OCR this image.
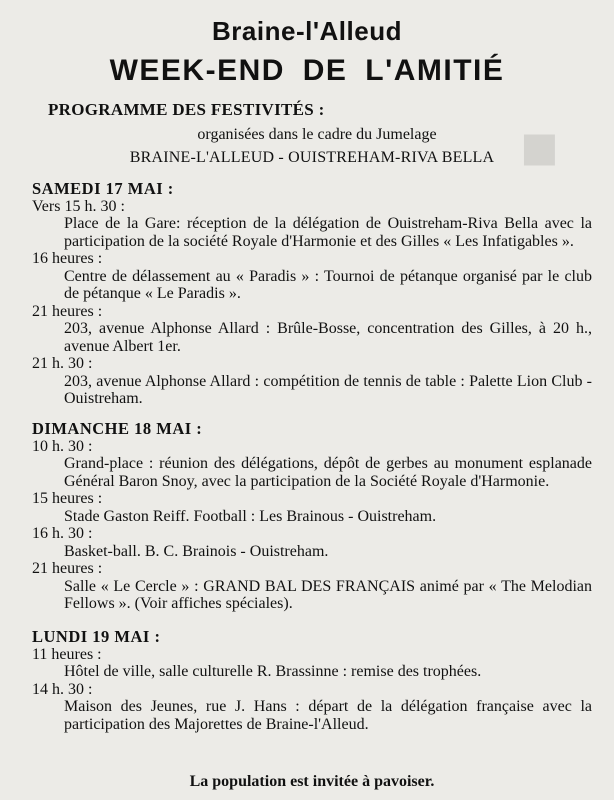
■
Braine-l'Alleud
WEEK-END DE L'AMITIÉ
PROGRAMME DES FESTIVITÉS :
organisées dans le cadre du Jumelage
BRAINE-L'ALLEUD - OUISTREHAM-RIVA BELLA

SAMEDI 17 MAI :

Vers 15 h. 30 :

Place de la Gare: réception de la délégation de Ouistreham-Riva Bella avec la participation de la société Royale d'Harmonie et des Gilles « Les Infatigables ».

16 heures :

Centre de délassement au « Paradis » : Tournoi de pétanque organisé par le club de pétanque « Le Paradis ».

21 heures :

203, avenue Alphonse Allard : Brûle-Bosse, concentration des Gilles, à 20 h., avenue Albert 1er.

21 h. 30 :

203, avenue Alphonse Allard : compétition de tennis de table : Palette Lion Club - Ouistreham.

DIMANCHE 18 MAI :

10 h. 30 :

Grand-place : réunion des délégations, dépôt de gerbes au monument esplanade Général Baron Snoy, avec la participation de la Société Royale d'Harmonie.

15 heures :

Stade Gaston Reiff. Football : Les Brainous - Ouistreham.

16 h. 30 :

Basket-ball. B. C. Brainois - Ouistreham.

21 heures :

Salle « Le Cercle » : GRAND BAL DES FRANÇAIS animé par « The Melodian Fellows ». (Voir affiches spéciales).

LUNDI 19 MAI :

11 heures :

Hôtel de ville, salle culturelle R. Brassinne : remise des trophées.

14 h. 30 :

Maison des Jeunes, rue J. Hans : départ de la délégation française avec la participation des Majorettes de Braine-l'Alleud.

La population est invitée à pavoiser.
